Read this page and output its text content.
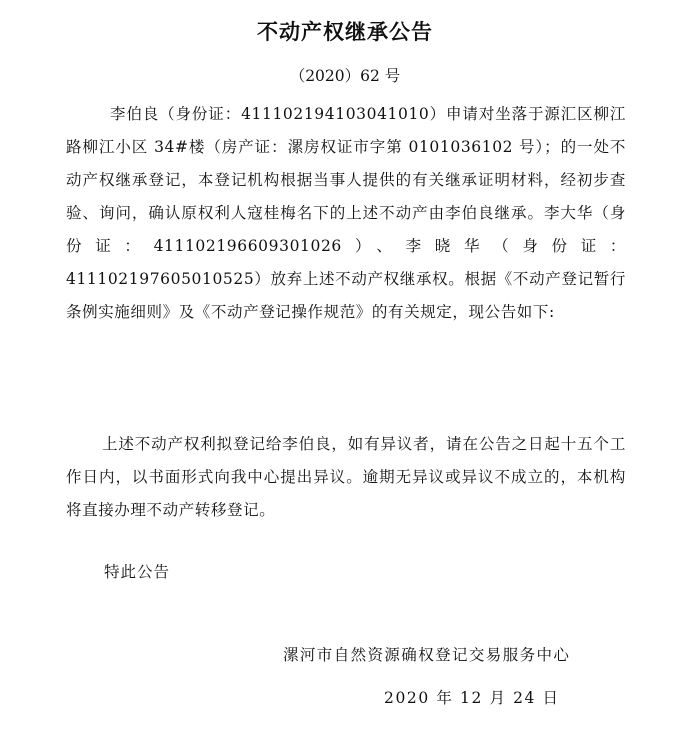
不动产权继承公告
（2020）62 号
李伯良（身份证：411102194103041010）申请对坐落于源汇区柳江路柳江小区 34#楼（房产证：漯房权证市字第 0101036102 号）；的一处不动产权继承登记，本登记机构根据当事人提供的有关继承证明材料，经初步查验、询问，确认原权利人寇桂梅名下的上述不动产由李伯良继承。李大华（身份证：411102196609301026）、李晓华（身份证：411102197605010525）放弃上述不动产权继承权。根据《不动产登记暂行条例实施细则》及《不动产登记操作规范》的有关规定，现公告如下:
上述不动产权利拟登记给李伯良，如有异议者，请在公告之日起十五个工作日内，以书面形式向我中心提出异议。逾期无异议或异议不成立的，本机构将直接办理不动产转移登记。
特此公告
漯河市自然资源确权登记交易服务中心
2020 年 12 月 24 日
